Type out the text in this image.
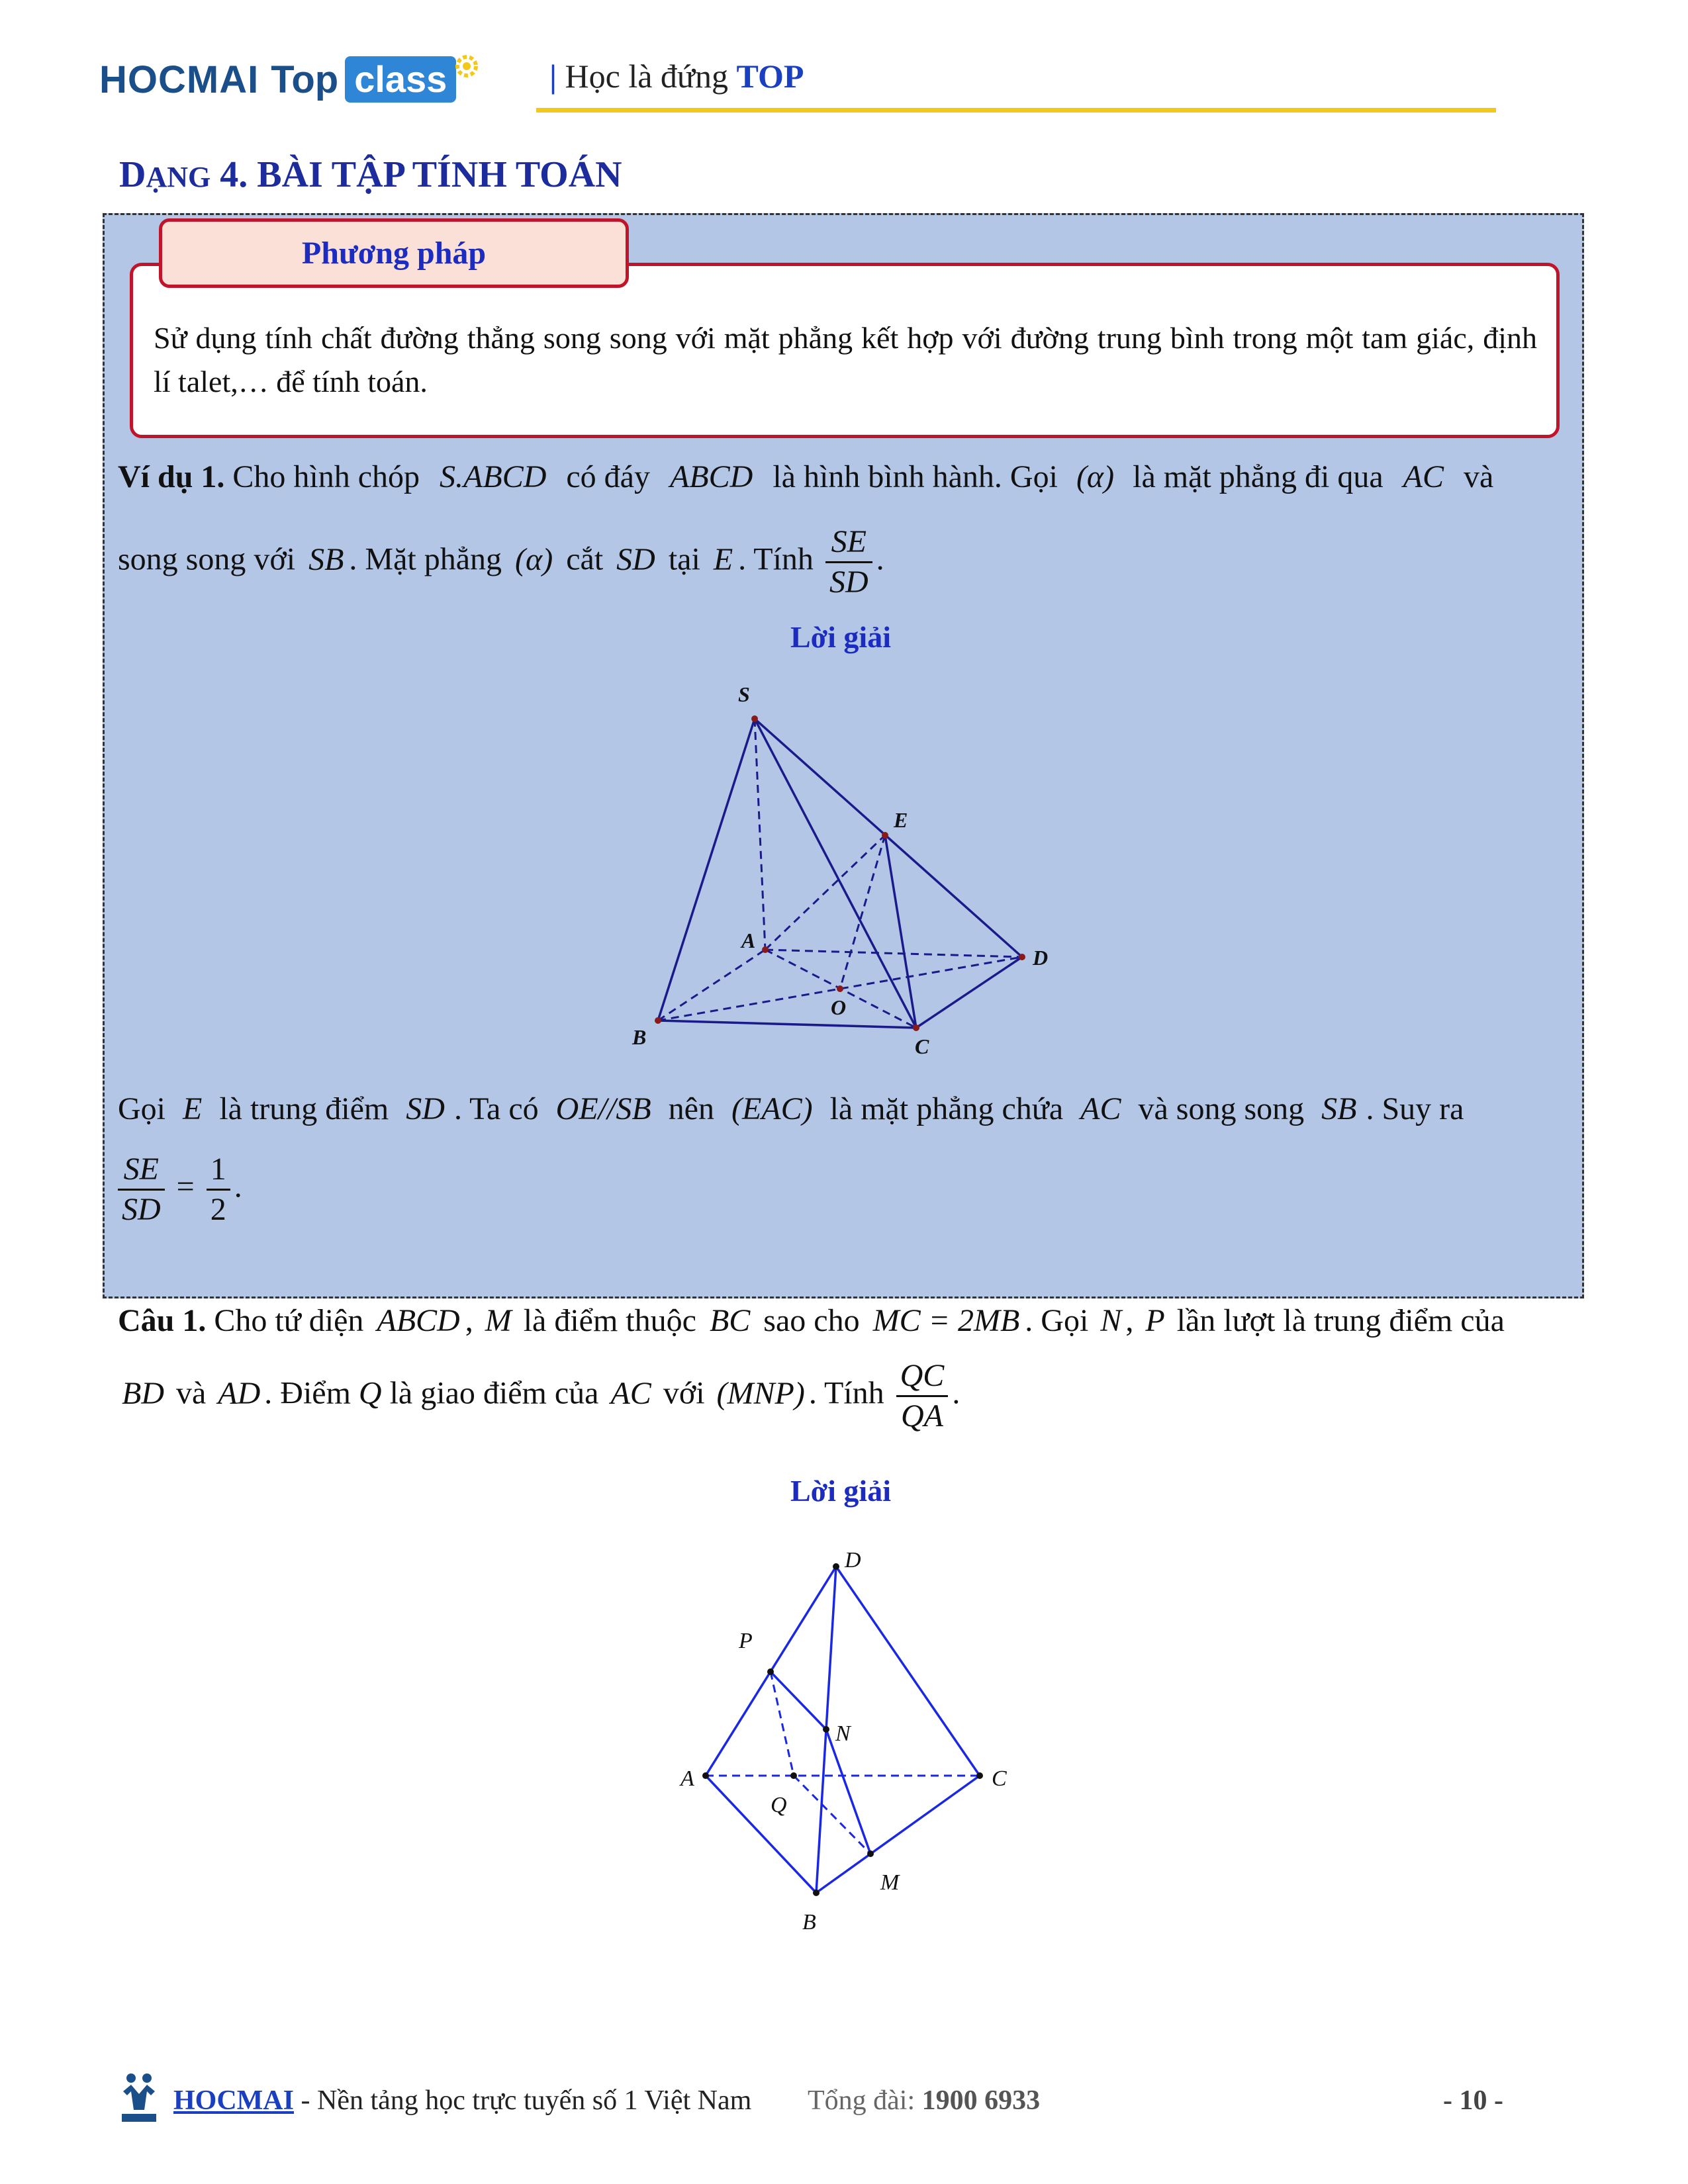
HOCMAI Top class	| Học là đứng TOP
DẠNG 4. BÀI TẬP TÍNH TOÁN
Phương pháp
Sử dụng tính chất đường thẳng song song với mặt phẳng kết hợp với đường trung bình trong một tam giác, định lí talet,… để tính toán.
Ví dụ 1. Cho hình chóp S.ABCD có đáy ABCD là hình bình hành. Gọi (α) là mặt phẳng đi qua AC và
song song với SB . Mặt phẳng (α) cắt SD tại E . Tính $\frac{SE}{SD}$ .
Lời giải
S
E
A
D
O
B	C
Gọi E là trung điểm SD . Ta có OE//SB nên (EAC) là mặt phẳng chứa AC và song song SB . Suy ra
$\frac{SE}{SD} = \frac{1}{2}$ .
Câu 1. Cho tứ diện ABCD , M là điểm thuộc BC sao cho MC = 2MB . Gọi N , P lần lượt là trung điểm của
BD và AD . Điểm Q là giao điểm của AC với (MNP) . Tính $\frac{QC}{QA}$ .
Lời giải
D
P
N
A	C
Q
M
B
HOCMAI - Nền tảng học trực tuyến số 1 Việt Nam Tổng đài: 1900 6933	- 10 -
